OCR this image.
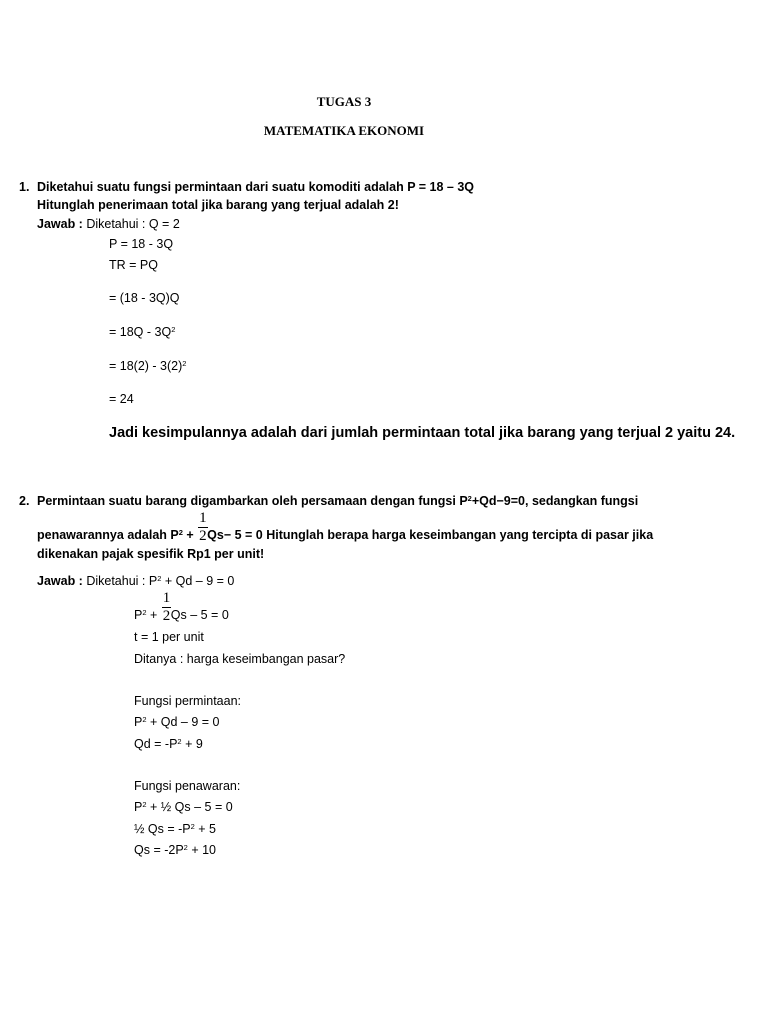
TUGAS 3
MATEMATIKA EKONOMI
1. Diketahui suatu fungsi permintaan dari suatu komoditi adalah P = 18 – 3Q
Hitunglah penerimaan total jika barang yang terjual adalah 2!
Jawab : Diketahui : Q = 2
P = 18 - 3Q
TR = PQ
= (18 - 3Q)Q
= $18Q - 3Q^2$
= $18(2) - 3(2)^2$
= 24
Jadi kesimpulannya adalah dari jumlah permintaan total jika barang yang terjual 2 yaitu 24.
2. Permintaan suatu barang digambarkan oleh persamaan dengan fungsi $P^2+Qd-9=0$, sedangkan fungsi
penawarannya adalah $P^2 + \frac{1}{2} Qs- 5 = 0$ Hitunglah berapa harga keseimbangan yang tercipta di pasar jika
dikenakan pajak spesifik Rp1 per unit!
Jawab : Diketahui : $P^2 + Qd - 9 = 0$
$P^2 + \frac{1}{2}$ Qs – 5 = 0
t = 1 per unit
Ditanya : harga keseimbangan pasar?
Fungsi permintaan:
$P^2 + Qd - 9 = 0$
$Qd = -P^2 + 9$
Fungsi penawaran:
$P^2$ + ½ Qs – 5 = 0
½ $Qs = -P^2 + 5$
$Qs = -2P^2 + 10$
